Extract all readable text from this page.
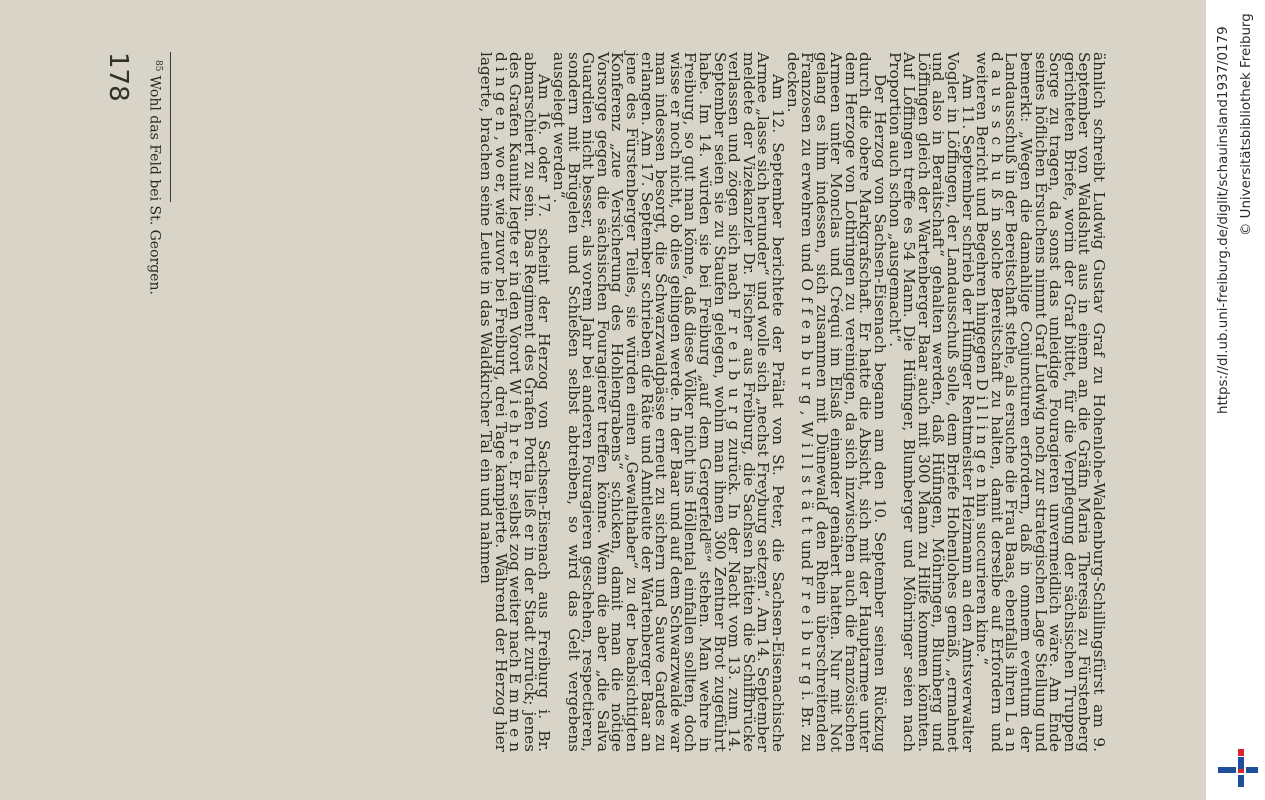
ähnlich schreibt Ludwig Gustav Graf zu Hohenlohe-Waldenburg-Schillingsfürst am 9. September von Waldshut aus in einem an die Gräfin Maria Theresia zu Fürstenberg gerichteten Briefe, worin der Graf bittet, für die Verpflegung der sächsischen Truppen Sorge zu tragen, da sonst das unleidige Fouragieren unvermeidlich wäre. Am Ende seines höflichen Ersuchens nimmt Graf Ludwig noch zur strategischen Lage Stellung und bemerkt: „Wegen die damahlige Conjuncturen erfordern, daß in omnem eventum der Landausschuß in der Bereitschaft stehe, als ersuche die Frau Baas, ebenfalls ihren L a n d a u s s c h u ß in solche Bereitschaft zu halten, damit derselbe auf Erfordern und weiteren Bericht und Begehren hingegen D i l l i n g e n hin succurieren kine.“

Am 11. September schrieb der Hüfinger Rentmeister Heizmann an den Amtsverwalter Vogler in Löffingen, der Landausschuß solle, dem Briefe Hohenlohes gemäß, „ermahnet und also in Beraitschaft“ gehalten werden, daß Hüfingen, Möhringen, Blumberg und Löffingen gleich der Wartenberger Baar auch mit 300 Mann zu Hilfe kommen könnten. Auf Löffingen treffe es 54 Mann. Die Hüfinger, Blumberger und Möhringer seien nach Proportion auch schon „ausgemacht“.

Der Herzog von Sachsen-Eisenach begann am den 10. September seinen Rückzug durch die obere Markgrafschaft. Er hatte die Absicht, sich mit der Hauptarmee unter dem Herzoge von Lothringen zu vereinigen, da sich inzwischen auch die französischen Armeen unter Monclas und Créqui im Elsaß einander genähert hatten. Nur mit Not gelang es ihm indessen, sich zusammen mit Dünewald den Rhein überschreitenden Franzosen zu erwehren und O f f e n b u r g , W i l l s t ä t t und F r e i b u r g i. Br. zu decken.

Am 12. September berichtete der Prälat von St. Peter, die Sachsen-Eisenachische Armee „lasse sich herunder“ und wolle sich „nechst Freyburg setzen“. Am 14. September meldete der Vizekanzler Dr. Fischer aus Freiburg, die Sachsen hätten die Schiffbrücke verlassen und zögen sich nach F r e i b u r g zurück. In der Nacht vom 13. zum 14. September seien sie zu Staufen gelegen, wohin man ihnen 300 Zentner Brot zugeführt habe. Im 14. würden sie bei Freiburg „auf dem Gergerfeld⁸⁵“ stehen. Man wehre in Freiburg, so gut man könne, daß diese Völker nicht ins Höllental einfallen sollten, doch wisse er noch nicht, ob dies gelingen werde. In der Baar und auf dem Schwarzwalde war man indessen besorgt, die Schwarzwaldpässe erneut zu sichern und Sauve Gardes zu erlangen. Am 17. September schrieben die Räte und Amtleute der Wartenberger Baar an jene des Fürstenberger Teiles, sie würden einen „Gewalthaber“ zu der beabsichtigten Konferenz „zue Versicherung des Hohlengrabens“ schicken, damit man die nötige Vorsorge gegen die sächsischen Fouragierer treffen könne. Wenn die aber „die Salva Guardien nicht besser, als vorem Jahr bei anderen Fouragieren geschehen, respectieren, sondern mit Brügelen und Schießen selbst abtreiben, so wird das Gelt vergebens ausgelegt werden“.

Am 16. oder 17. scheint der Herzog von Sachsen-Eisenach aus Freiburg i. Br. abmarschiert zu sein. Das Regiment des Grafen Portia ließ er in der Stadt zurück; jenes des Grafen Kaunitz legte er in den Vorort W i e h r e. Er selbst zog weiter nach E m m e n d i n g e n , wo er, wie zuvor bei Freiburg, drei Tage kampierte. Während der Herzog hier lagerte, brachen seine Leute in das Waldkircher Tal ein und nahmen

$^{85}$Wohl das Feld bei St. Georgen.
178	https://dl.ub.uni-freiburg.de/diglit/schauinsland1937/0179 © Universitätsbibliothek Freiburg
